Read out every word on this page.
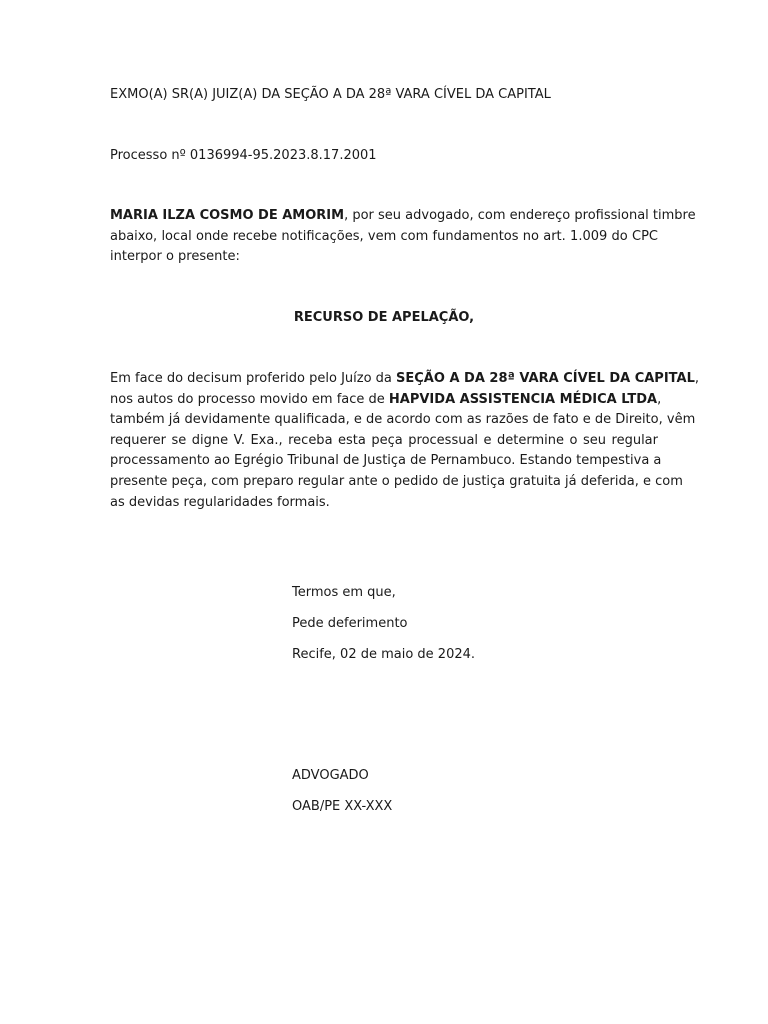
EXMO(A) SR(A) JUIZ(A) DA SEÇÃO A DA 28ª VARA CÍVEL DA CAPITAL
Processo nº 0136994-95.2023.8.17.2001
MARIA ILZA COSMO DE AMORIM, por seu advogado, com endereço profissional timbre
abaixo, local onde recebe notificações, vem com fundamentos no art. 1.009 do CPC
interpor o presente:
RECURSO DE APELAÇÃO,
Em face do decisum proferido pelo Juízo da SEÇÃO A DA 28ª VARA CÍVEL DA CAPITAL,
nos autos do processo movido em face de HAPVIDA ASSISTENCIA MÉDICA LTDA,
também já devidamente qualificada, e de acordo com as razões de fato e de Direito, vêm
requerer se digne V. Exa., receba esta peça processual e determine o seu regular
processamento ao Egrégio Tribunal de Justiça de Pernambuco. Estando tempestiva a
presente peça, com preparo regular ante o pedido de justiça gratuita já deferida, e com
as devidas regularidades formais.
Termos em que,
Pede deferimento
Recife, 02 de maio de 2024.
ADVOGADO
OAB/PE XX-XXX
